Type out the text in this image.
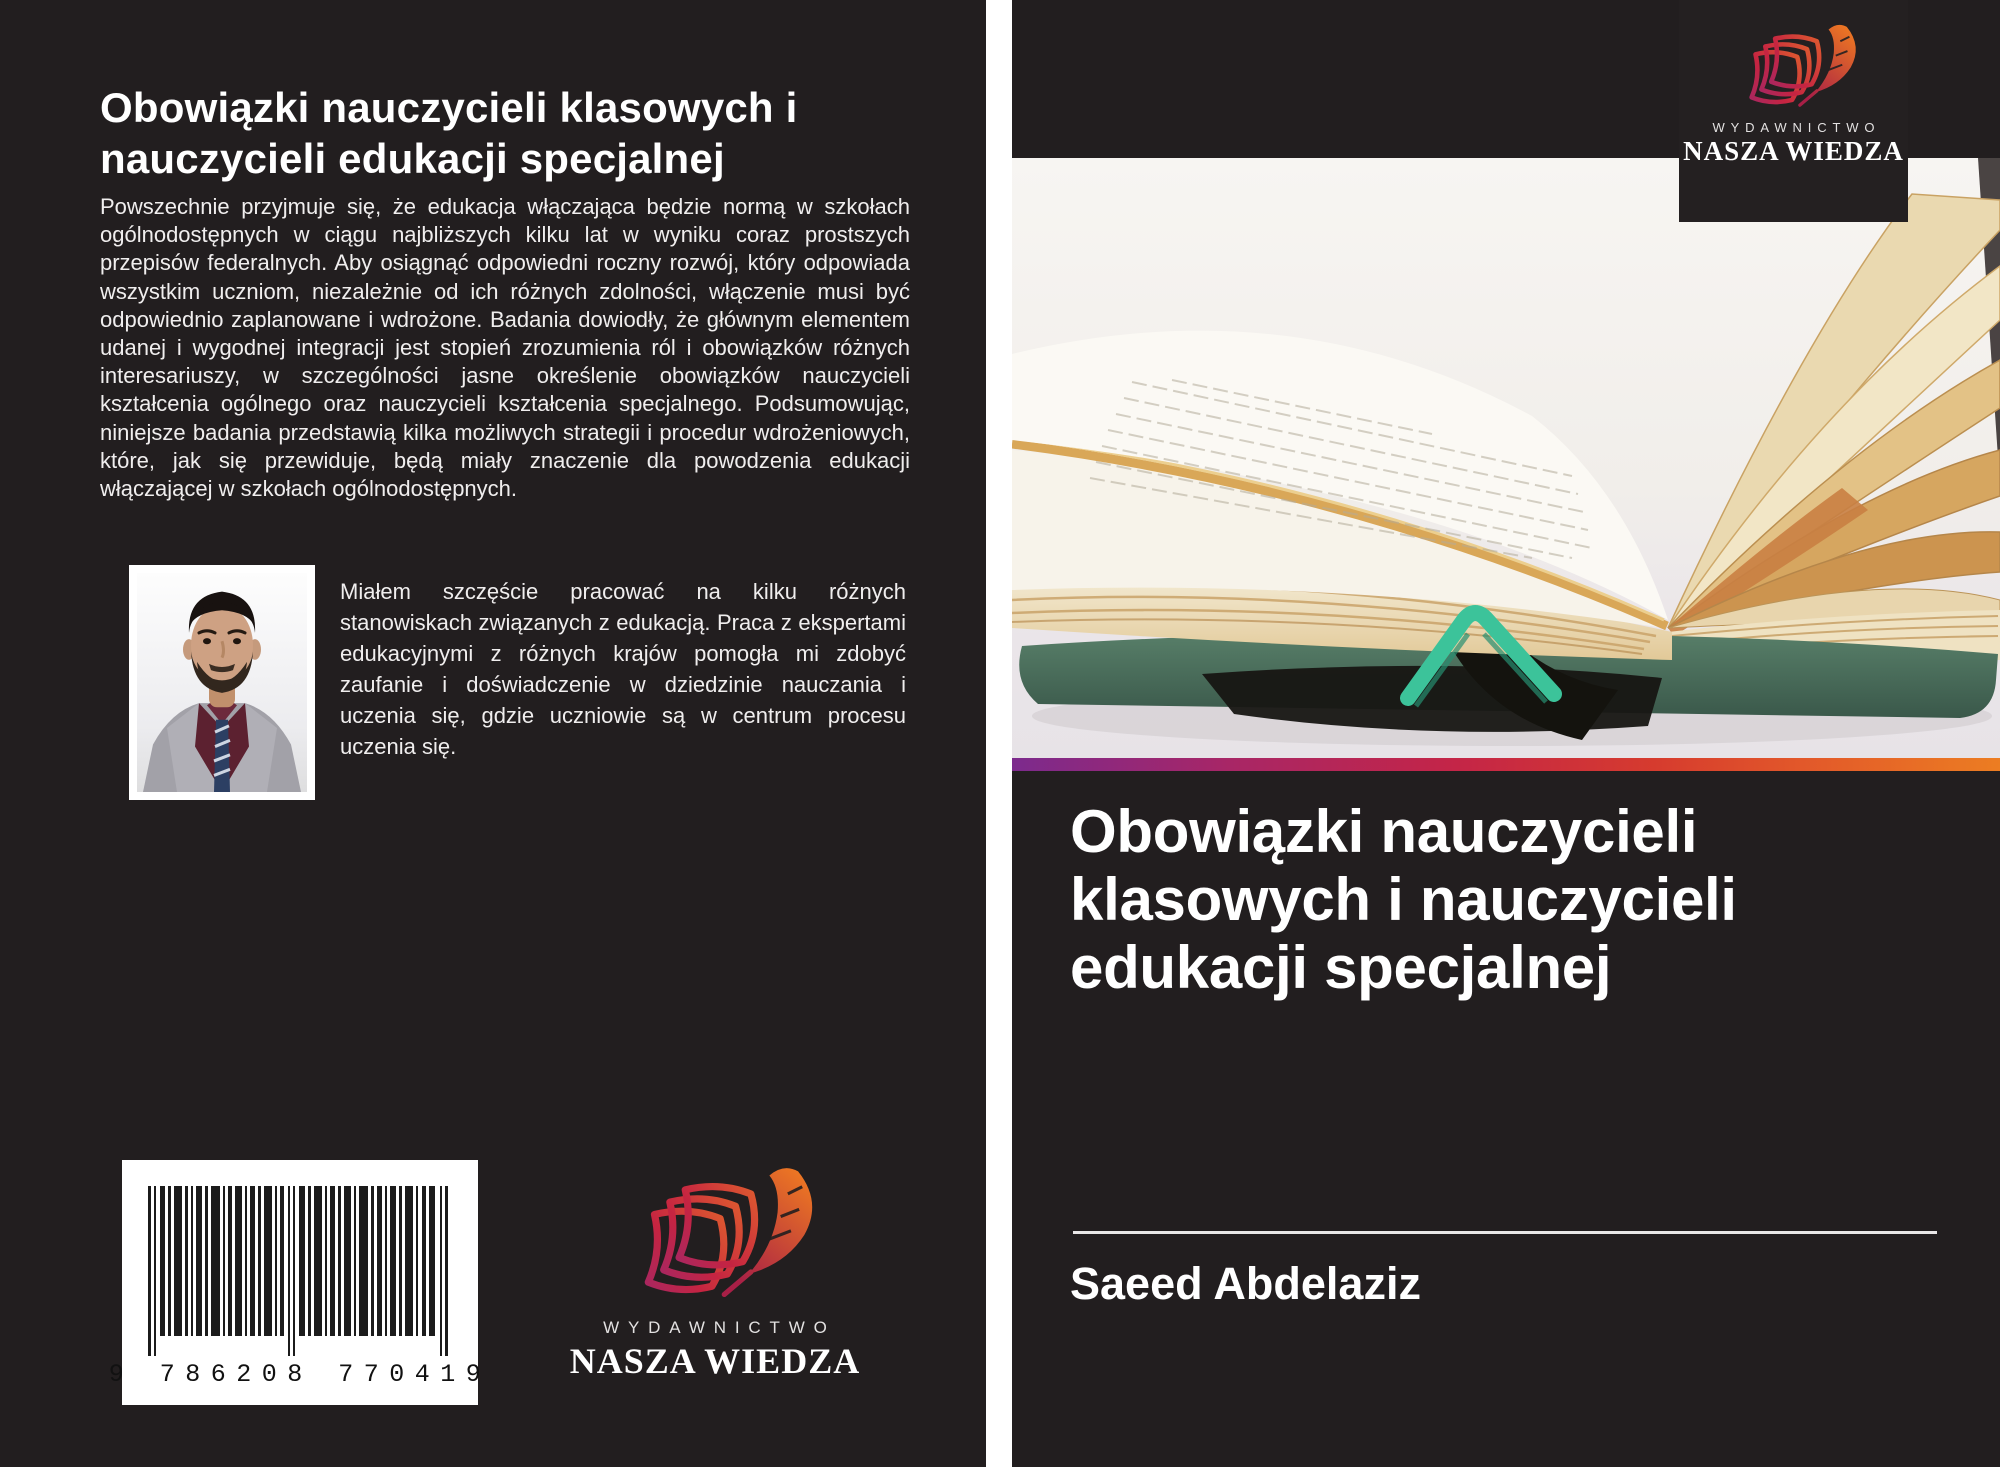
Obowiązki nauczycieli klasowych i
nauczycieli edukacji specjalnej
Powszechnie przyjmuje się, że edukacja włączająca będzie normą w szkołach ogólnodostępnych w ciągu najbliższych kilku lat w wyniku coraz prostszych przepisów federalnych. Aby osiągnąć odpowiedni roczny rozwój, który odpowiada wszystkim uczniom, niezależnie od ich różnych zdolności, włączenie musi być odpowiednio zaplanowane i wdrożone. Badania dowiodły, że głównym elementem udanej i wygodnej integracji jest stopień zrozumienia ról i obowiązków różnych interesariuszy, w szczególności jasne określenie obowiązków nauczycieli kształcenia ogólnego oraz nauczycieli kształcenia specjalnego. Podsumowując, niniejsze badania przedstawią kilka możliwych strategii i procedur wdrożeniowych, które, jak się przewiduje, będą miały znaczenie dla powodzenia edukacji włączającej w szkołach ogólnodostępnych.
Miałem szczęście pracować na kilku różnych stanowiskach związanych z edukacją. Praca z ekspertami edukacyjnymi z różnych krajów pomogła mi zdobyć zaufanie i doświadczenie w dziedzinie nauczania i uczenia się, gdzie uczniowie są w centrum procesu uczenia się.
9 786208 770419
WYDAWNICTWO
NASZA WIEDZA
WYDAWNICTWO
NASZA WIEDZA
Obowiązki nauczycieli
klasowych i nauczycieli
edukacji specjalnej
Saeed Abdelaziz
